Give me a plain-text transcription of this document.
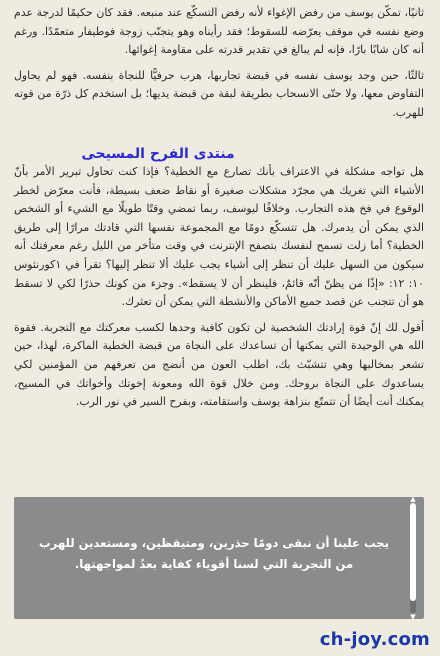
ثانيًا، تمكّن يوسف من رفض الإغواء لأنه رفض التسكّع عند منبعه. فقد كان حكيمًا لدرجة عدم وضع نفسه في موقف يعرّضه للسقوط؛ فقد رأيناه وهو يتجنّب زوجة فوطيفار متعمّدًا. ورغم أنه كان شابًا بارًا، فإنه لم يبالغ في تقدير قدرته على مقاومة إغوائها.

ثالثًا، حين وجد يوسف نفسه في قبضة تجاربها، هرب حرفيًّا للنجاة بنفسه. فهو لم يحاول التفاوض معها، ولا حتّى الانسحاب بطريقة لبقة من قبضة يديها؛ بل استخدم كل ذرّة من قوته للهرب.

منتدى الفرح المسيحى

هل تواجه مشكلة في الاعتراف بأنك تصارع مع الخطية؟ فإذا كنت تحاول تبرير الأمر بأنّ الأشياء التي تغريك هي مجرّد مشكلات صغيرة أو نقاط ضعف بسيطة، فأنت معرّض لخطر الوقوع في فخ هذه التجارب. وخلافًا ليوسف، ربما تمضي وقتًا طويلًا مع الشيء أو الشخص الذي يمكن أن يدمرك. هل تتسكّع دومًا مع المجموعة نفسها التي قادتك مرارًا إلى طريق الخطية؟ أما زلت تسمح لنفسك بتصفح الإنترنت في وقت متأخر من الليل رغم معرفتك أنه سيكون من السهل عليك أن تنظر إلى أشياء يجب عليك ألا تنظر إليها؟ تقرأ في ١كورنثوس ١٠: ١٢: «إذًا من يظنّ أنّه قائمٌ، فلينظر أن لا يسقط». وجزء من كونك حذرًا لكي لا تسقط هو أن تتجنب عن قصد جميع الأماكن والأنشطة التي يمكن أن تعثرك.

أقول لك إنّ قوة إرادتك الشخصية لن تكون كافية وحدها لكسب معركتك مع التجربة. فقوة الله هي الوحيدة التي يمكنها أن تساعدك على النجاة من قبضة الخطية الماكرة، لهذا، حين تشعر بمخالبها وهي تتشبّث بك، اطلب العون من أنضج من تعرفهم من المؤمنين لكي يساعدوك على النجاة بروحك. ومن خلال قوة الله ومعونة إخوتك وأخواتك في المسيح، يمكنك أنت أيضًا أن تتمتّع بنزاهة يوسف واستقامته، وبفرح السير في نور الرب.

يجب علينا أن نبقى دومًا حذرين، ومتيقظين، ومستعدين للهرب من التجربة التي لسنا أقوياء كفاية بعدُ لمواجهتها.
▲
▼
ch-joy.com
